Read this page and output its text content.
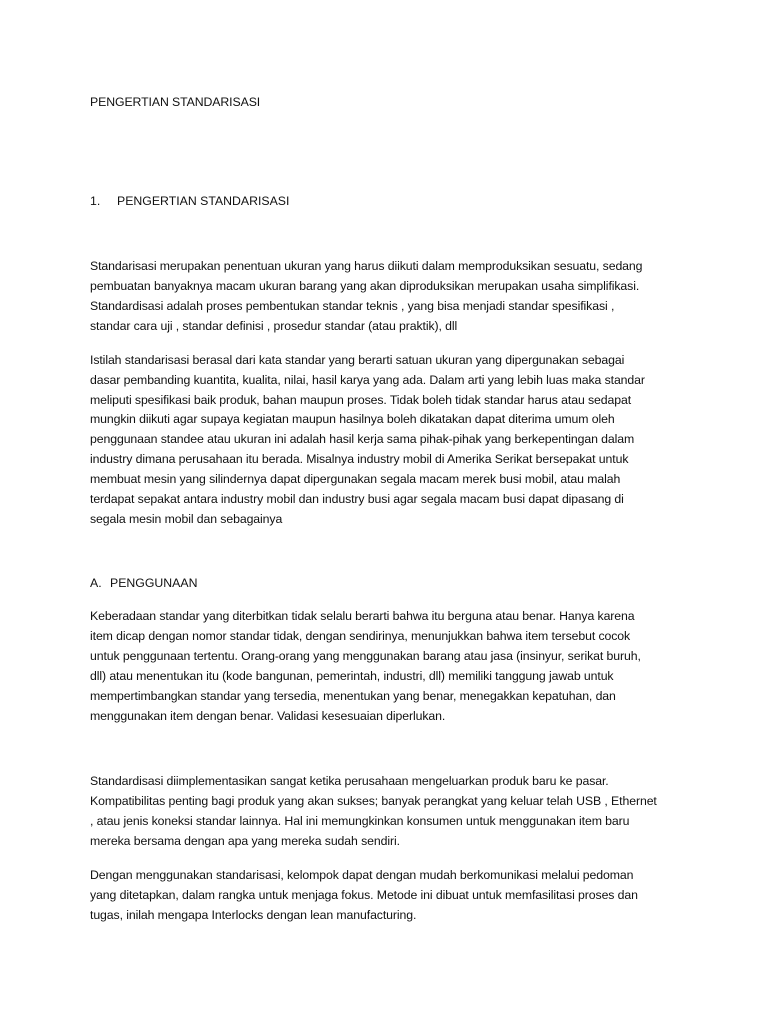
PENGERTIAN STANDARISASI
1. PENGERTIAN STANDARISASI
Standarisasi merupakan penentuan ukuran yang harus diikuti dalam memproduksikan sesuatu, sedang
pembuatan banyaknya macam ukuran barang yang akan diproduksikan merupakan usaha simplifikasi.
Standardisasi adalah proses pembentukan standar teknis , yang bisa menjadi standar spesifikasi ,
standar cara uji , standar definisi , prosedur standar (atau praktik), dll
Istilah standarisasi berasal dari kata standar yang berarti satuan ukuran yang dipergunakan sebagai
dasar pembanding kuantita, kualita, nilai, hasil karya yang ada. Dalam arti yang lebih luas maka standar
meliputi spesifikasi baik produk, bahan maupun proses. Tidak boleh tidak standar harus atau sedapat
mungkin diikuti agar supaya kegiatan maupun hasilnya boleh dikatakan dapat diterima umum oleh
penggunaan standee atau ukuran ini adalah hasil kerja sama pihak-pihak yang berkepentingan dalam
industry dimana perusahaan itu berada. Misalnya industry mobil di Amerika Serikat bersepakat untuk
membuat mesin yang silindernya dapat dipergunakan segala macam merek busi mobil, atau malah
terdapat sepakat antara industry mobil dan industry busi agar segala macam busi dapat dipasang di
segala mesin mobil dan sebagainya
A. PENGGUNAAN
Keberadaan standar yang diterbitkan tidak selalu berarti bahwa itu berguna atau benar. Hanya karena
item dicap dengan nomor standar tidak, dengan sendirinya, menunjukkan bahwa item tersebut cocok
untuk penggunaan tertentu. Orang-orang yang menggunakan barang atau jasa (insinyur, serikat buruh,
dll) atau menentukan itu (kode bangunan, pemerintah, industri, dll) memiliki tanggung jawab untuk
mempertimbangkan standar yang tersedia, menentukan yang benar, menegakkan kepatuhan, dan
menggunakan item dengan benar. Validasi kesesuaian diperlukan.
Standardisasi diimplementasikan sangat ketika perusahaan mengeluarkan produk baru ke pasar.
Kompatibilitas penting bagi produk yang akan sukses; banyak perangkat yang keluar telah USB , Ethernet
, atau jenis koneksi standar lainnya. Hal ini memungkinkan konsumen untuk menggunakan item baru
mereka bersama dengan apa yang mereka sudah sendiri.
Dengan menggunakan standarisasi, kelompok dapat dengan mudah berkomunikasi melalui pedoman
yang ditetapkan, dalam rangka untuk menjaga fokus. Metode ini dibuat untuk memfasilitasi proses dan
tugas, inilah mengapa Interlocks dengan lean manufacturing.
